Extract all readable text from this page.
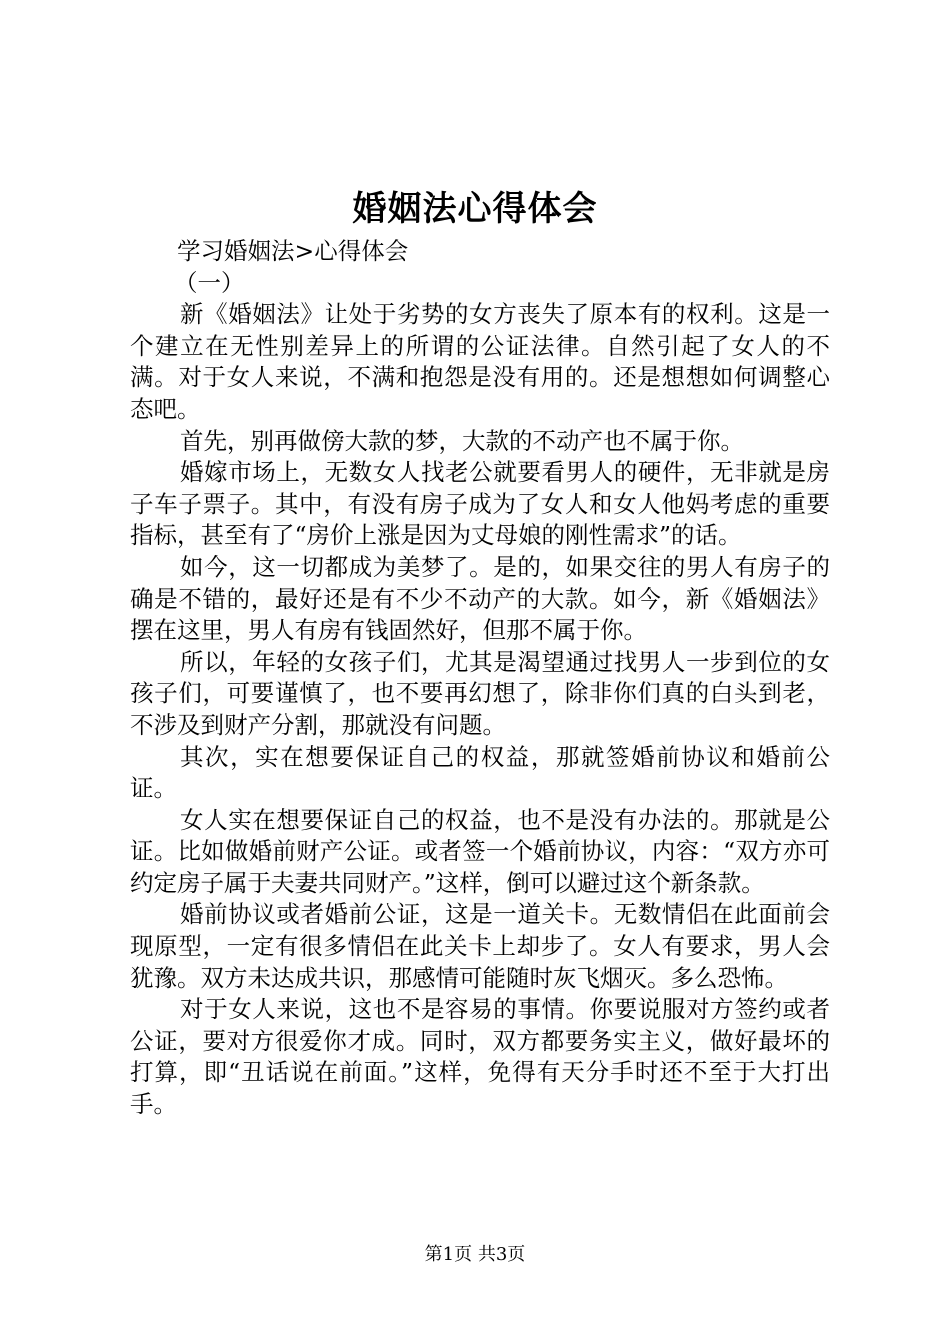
婚姻法心得体会

学习婚姻法>心得体会

（一）

新《婚姻法》让处于劣势的女方丧失了原本有的权利。这是一个建立在无性别差异上的所谓的公证法律。自然引起了女人的不满。对于女人来说，不满和抱怨是没有用的。还是想想如何调整心态吧。

首先，别再做傍大款的梦，大款的不动产也不属于你。

婚嫁市场上，无数女人找老公就要看男人的硬件，无非就是房子车子票子。其中，有没有房子成为了女人和女人他妈考虑的重要指标，甚至有了“房价上涨是因为丈母娘的刚性需求”的话。

如今，这一切都成为美梦了。是的，如果交往的男人有房子的确是不错的，最好还是有不少不动产的大款。如今，新《婚姻法》摆在这里，男人有房有钱固然好，但那不属于你。

所以，年轻的女孩子们，尤其是渴望通过找男人一步到位的女孩子们，可要谨慎了，也不要再幻想了，除非你们真的白头到老，不涉及到财产分割，那就没有问题。

其次，实在想要保证自己的权益，那就签婚前协议和婚前公证。

女人实在想要保证自己的权益，也不是没有办法的。那就是公证。比如做婚前财产公证。或者签一个婚前协议，内容：“双方亦可约定房子属于夫妻共同财产。”这样，倒可以避过这个新条款。

婚前协议或者婚前公证，这是一道关卡。无数情侣在此面前会现原型，一定有很多情侣在此关卡上却步了。女人有要求，男人会犹豫。双方未达成共识，那感情可能随时灰飞烟灭。多么恐怖。

对于女人来说，这也不是容易的事情。你要说服对方签约或者公证，要对方很爱你才成。同时，双方都要务实主义，做好最坏的打算，即“丑话说在前面。”这样，免得有天分手时还不至于大打出手。

第1页 共3页
